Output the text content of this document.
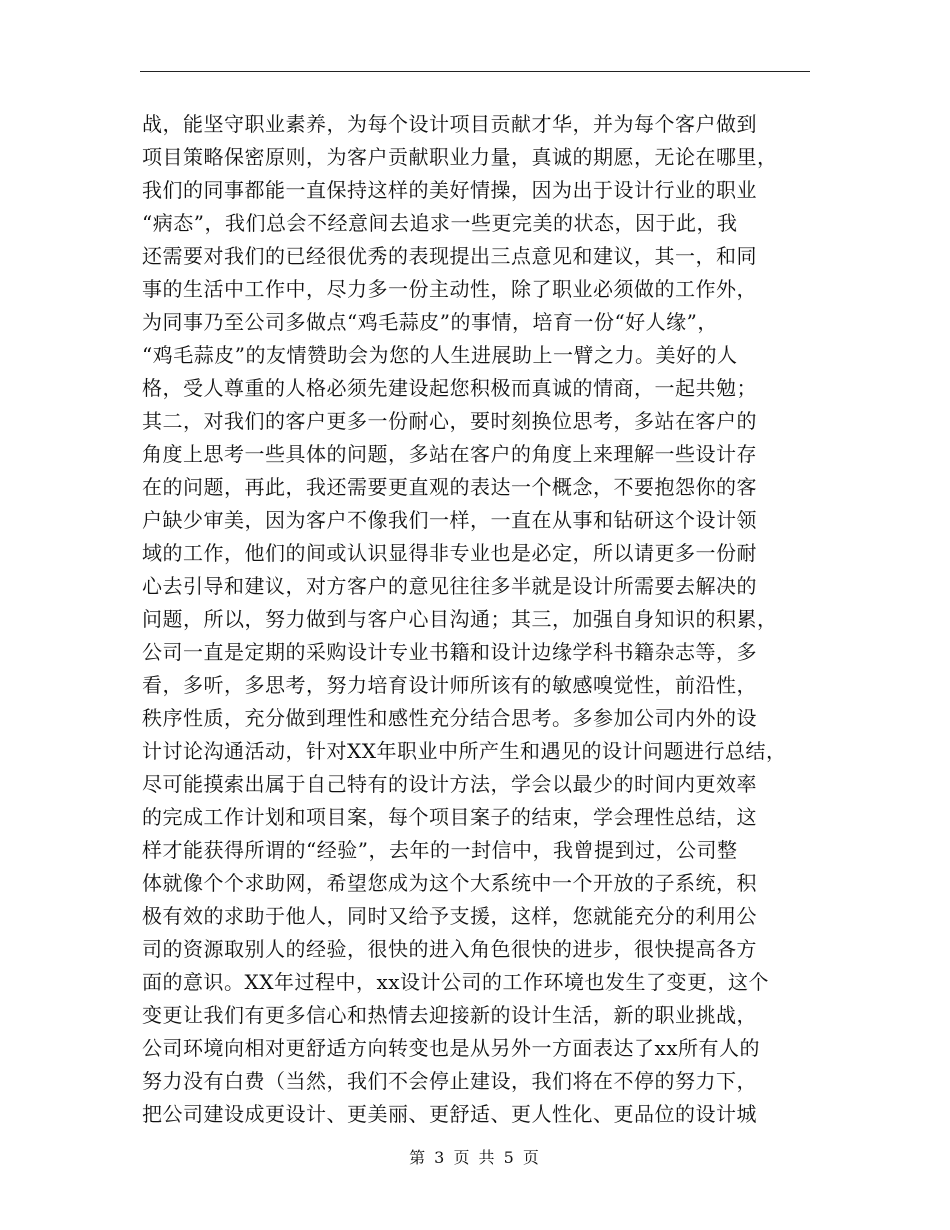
战，能坚守职业素养，为每个设计项目贡献才华，并为每个客户做到
项目策略保密原则，为客户贡献职业力量，真诚的期愿，无论在哪里，
我们的同事都能一直保持这样的美好情操，因为出于设计行业的职业
“病态”，我们总会不经意间去追求一些更完美的状态，因于此，我
还需要对我们的已经很优秀的表现提出三点意见和建议，其一，和同
事的生活中工作中，尽力多一份主动性，除了职业必须做的工作外，
为同事乃至公司多做点“鸡毛蒜皮”的事情，培育一份“好人缘”，
“鸡毛蒜皮”的友情赞助会为您的人生进展助上一臂之力。美好的人
格，受人尊重的人格必须先建设起您积极而真诚的情商，一起共勉；
其二，对我们的客户更多一份耐心，要时刻换位思考，多站在客户的
角度上思考一些具体的问题，多站在客户的角度上来理解一些设计存
在的问题，再此，我还需要更直观的表达一个概念，不要抱怨你的客
户缺少审美，因为客户不像我们一样，一直在从事和钻研这个设计领
域的工作，他们的间或认识显得非专业也是必定，所以请更多一份耐
心去引导和建议，对方客户的意见往往多半就是设计所需要去解决的
问题，所以，努力做到与客户心目沟通；其三，加强自身知识的积累，
公司一直是定期的采购设计专业书籍和设计边缘学科书籍杂志等，多
看，多听，多思考，努力培育设计师所该有的敏感嗅觉性，前沿性，
秩序性质，充分做到理性和感性充分结合思考。多参加公司内外的设
计讨论沟通活动，针对XX年职业中所产生和遇见的设计问题进行总结，
尽可能摸索出属于自己特有的设计方法，学会以最少的时间内更效率
的完成工作计划和项目案，每个项目案子的结束，学会理性总结，这
样才能获得所谓的“经验”，去年的一封信中，我曾提到过，公司整
体就像个个求助网，希望您成为这个大系统中一个开放的子系统，积
极有效的求助于他人，同时又给予支援，这样，您就能充分的利用公
司的资源取别人的经验，很快的进入角色很快的进步，很快提高各方
面的意识。XX年过程中，xx设计公司的工作环境也发生了变更，这个
变更让我们有更多信心和热情去迎接新的设计生活，新的职业挑战，
公司环境向相对更舒适方向转变也是从另外一方面表达了xx所有人的
努力没有白费（当然，我们不会停止建设，我们将在不停的努力下，
把公司建设成更设计、更美丽、更舒适、更人性化、更品位的设计城
第 3 页 共 5 页
